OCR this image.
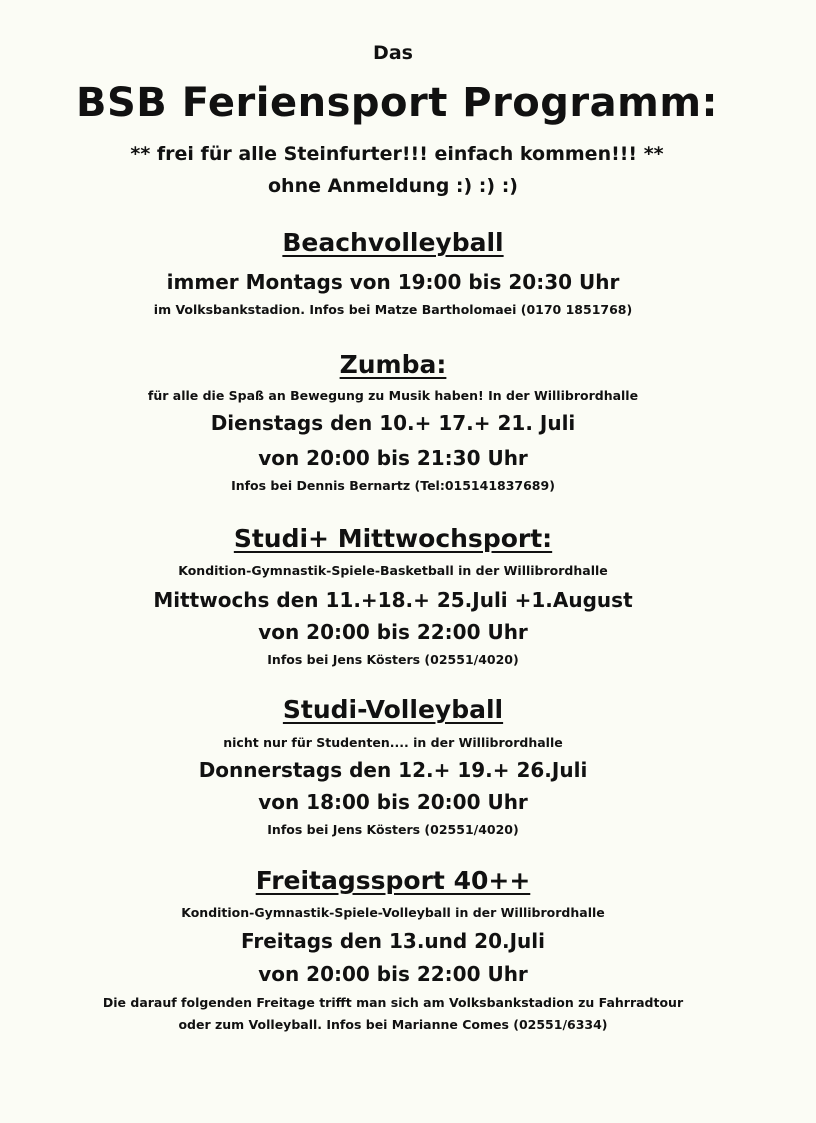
Das
BSB Feriensport Programm:
** frei für alle Steinfurter!!! einfach kommen!!! **
ohne Anmeldung :) :) :)
Beachvolleyball
immer Montags von 19:00 bis 20:30 Uhr
im Volksbankstadion. Infos bei Matze Bartholomaei (0170 1851768)
Zumba:
für alle die Spaß an Bewegung zu Musik haben! In der Willibrordhalle
Dienstags den 10.+ 17.+ 21. Juli
von 20:00 bis 21:30 Uhr
Infos bei Dennis Bernartz (Tel:015141837689)
Studi+ Mittwochsport:
Kondition-Gymnastik-Spiele-Basketball in der Willibrordhalle
Mittwochs den 11.+18.+ 25.Juli +1.August
von 20:00 bis 22:00 Uhr
Infos bei Jens Kösters (02551/4020)
Studi-Volleyball
nicht nur für Studenten.... in der Willibrordhalle
Donnerstags den 12.+ 19.+ 26.Juli
von 18:00 bis 20:00 Uhr
Infos bei Jens Kösters (02551/4020)
Freitagssport 40++
Kondition-Gymnastik-Spiele-Volleyball in der Willibrordhalle
Freitags den 13.und 20.Juli
von 20:00 bis 22:00 Uhr
Die darauf folgenden Freitage trifft man sich am Volksbankstadion zu Fahrradtour
oder zum Volleyball. Infos bei Marianne Comes (02551/6334)
